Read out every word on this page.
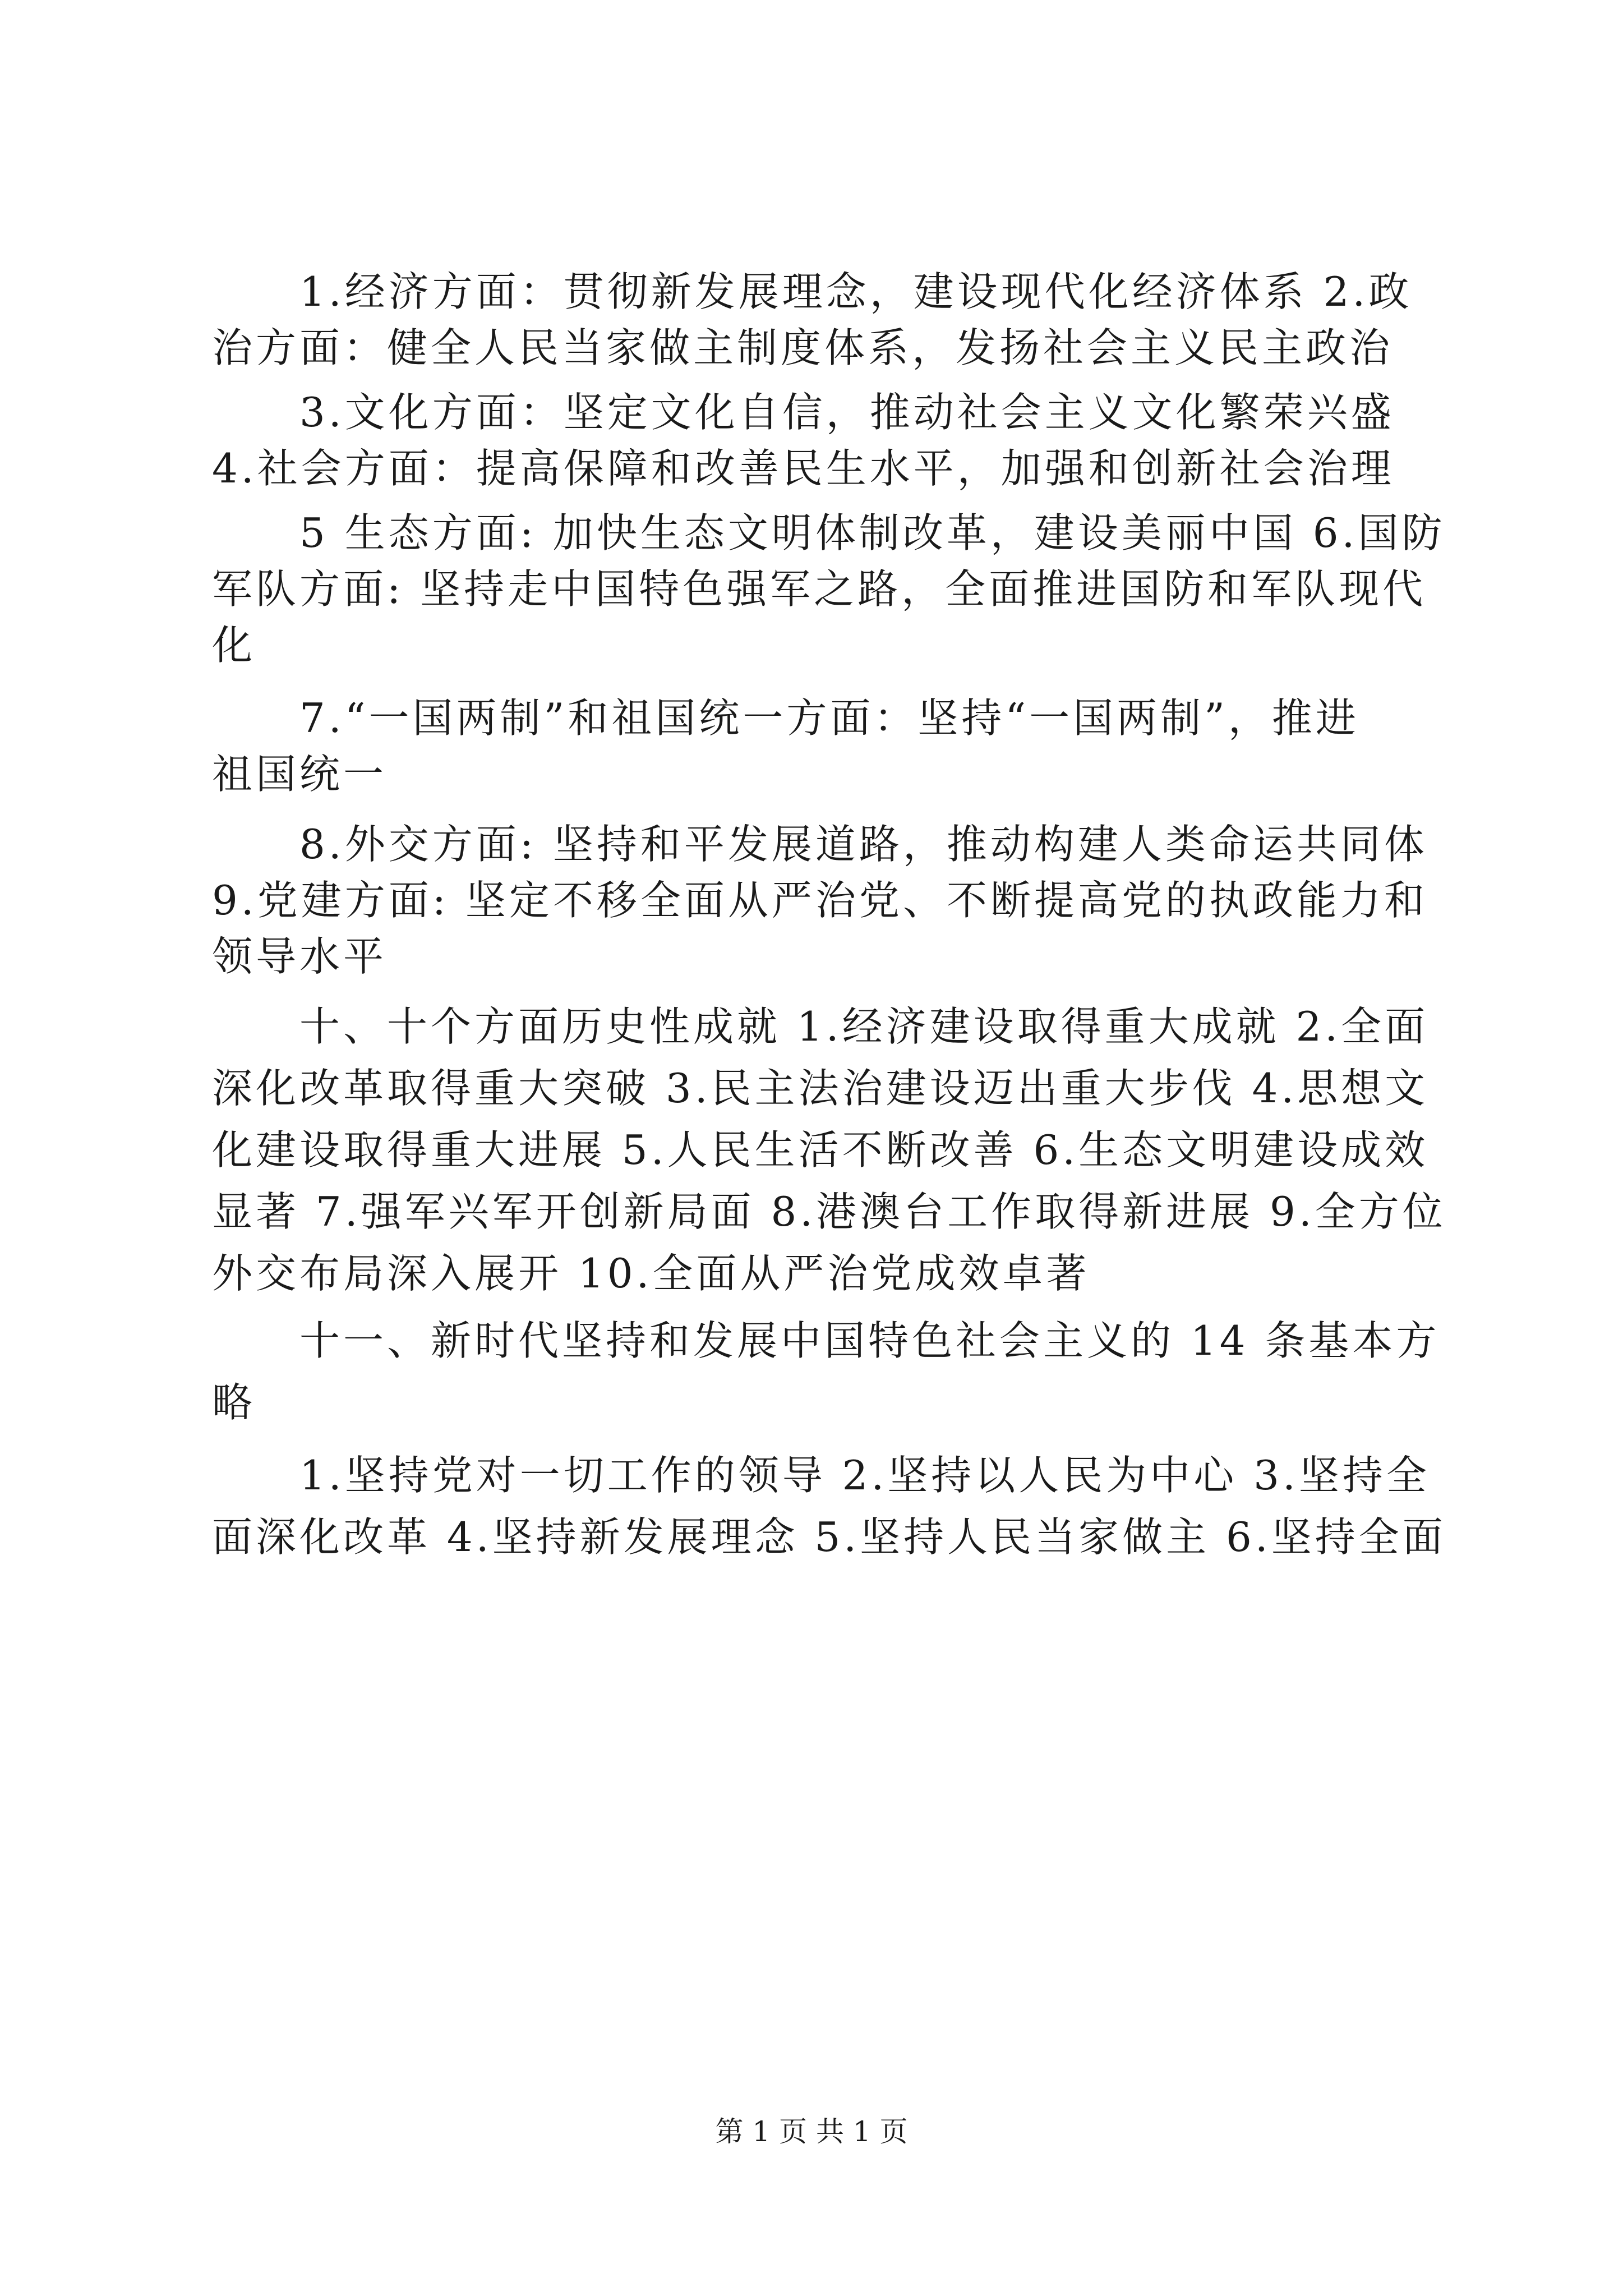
　　1.经济方面：贯彻新发展理念，建设现代化经济体系 2.政
治方面：健全人民当家做主制度体系，发扬社会主义民主政治
　　3.文化方面：坚定文化自信，推动社会主义文化繁荣兴盛
4.社会方面：提高保障和改善民生水平，加强和创新社会治理
　　5 生态方面: 加快生态文明体制改革，建设美丽中国 6.国防
军队方面: 坚持走中国特色强军之路，全面推进国防和军队现代
化
　　7.“一国两制”和祖国统一方面：坚持“一国两制”，推进
祖国统一
　　8.外交方面: 坚持和平发展道路，推动构建人类命运共同体
9.党建方面: 坚定不移全面从严治党、不断提高党的执政能力和
领导水平
　　十、十个方面历史性成就 1.经济建设取得重大成就 2.全面
深化改革取得重大突破 3.民主法治建设迈出重大步伐 4.思想文
化建设取得重大进展 5.人民生活不断改善 6.生态文明建设成效
显著 7.强军兴军开创新局面 8.港澳台工作取得新进展 9.全方位
外交布局深入展开 10.全面从严治党成效卓著
　　十一、新时代坚持和发展中国特色社会主义的 14 条基本方
略
　　1.坚持党对一切工作的领导 2.坚持以人民为中心 3.坚持全
面深化改革 4.坚持新发展理念 5.坚持人民当家做主 6.坚持全面
第 1 页 共 1 页
